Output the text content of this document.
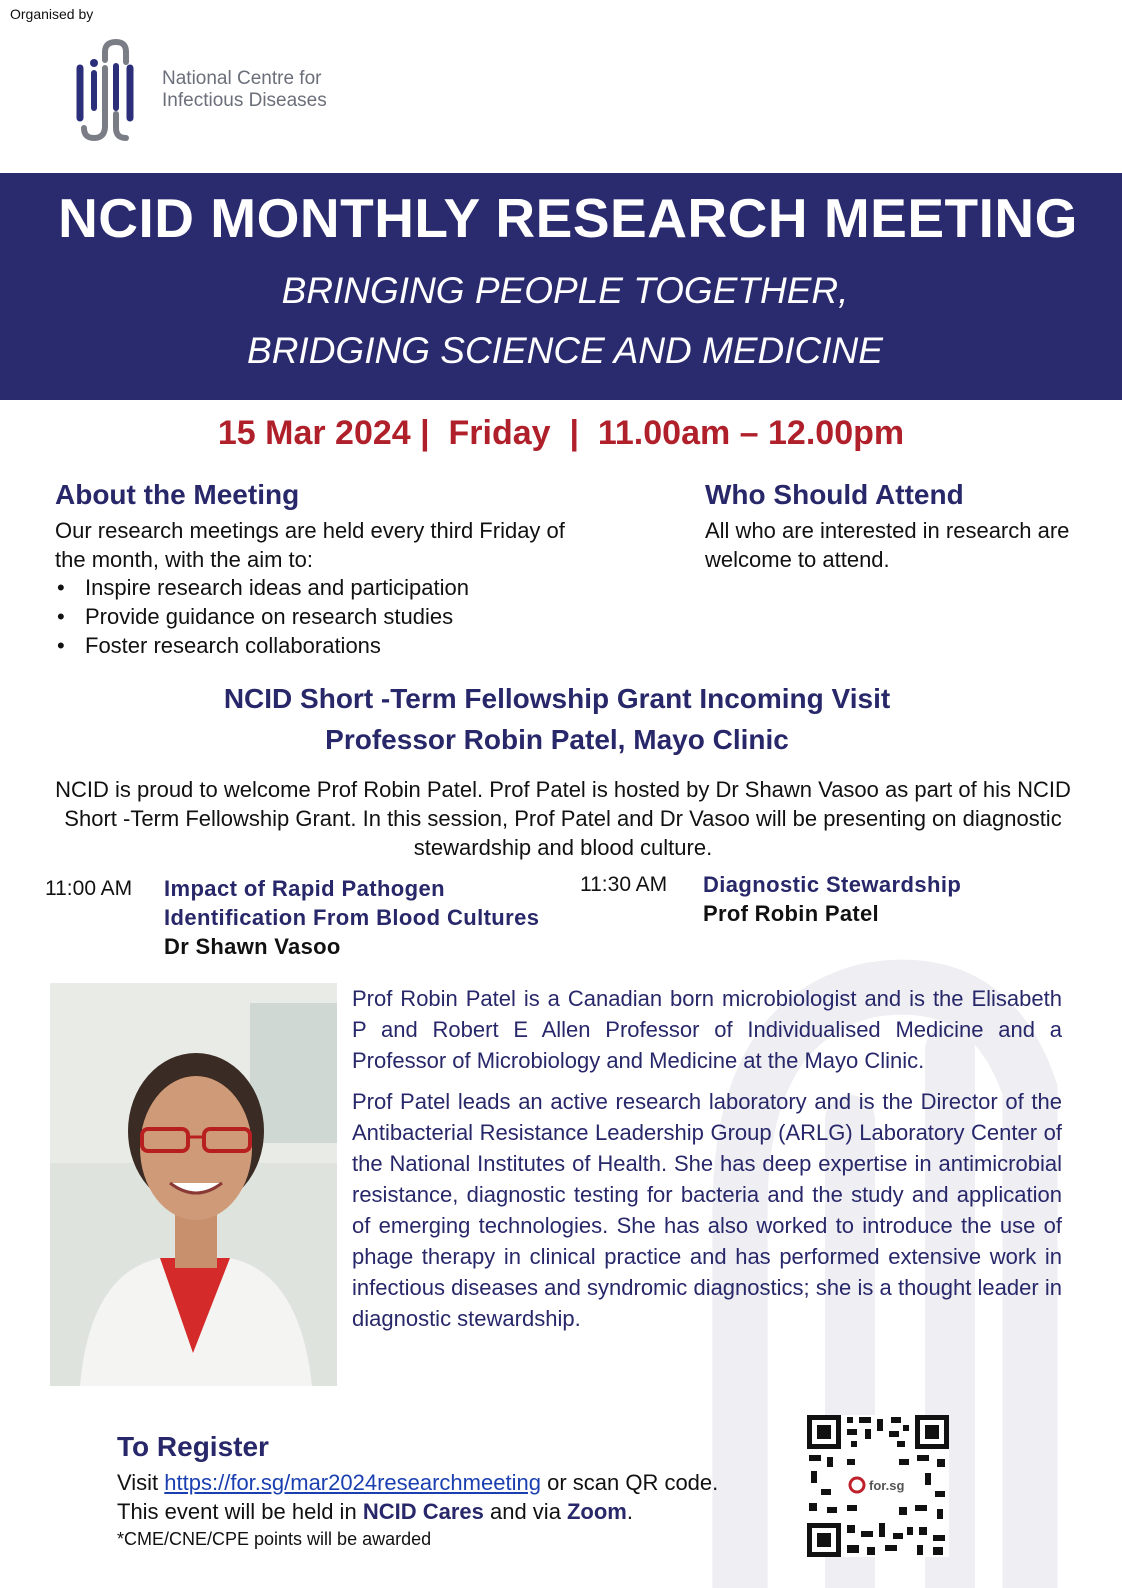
Organised by
National Centre for
Infectious Diseases
NCID MONTHLY RESEARCH MEETING
BRINGING PEOPLE TOGETHER,
BRIDGING SCIENCE AND MEDICINE
15 Mar 2024 |  Friday  |  11.00am – 12.00pm
About the Meeting
Our research meetings are held every third Friday of the month, with the aim to:
• Inspire research ideas and participation
• Provide guidance on research studies
• Foster research collaborations
Who Should Attend
All who are interested in research are welcome to attend.
NCID Short -Term Fellowship Grant Incoming Visit
Professor Robin Patel, Mayo Clinic
NCID is proud to welcome Prof Robin Patel. Prof Patel is hosted by Dr Shawn Vasoo as part of his NCID Short -Term Fellowship Grant. In this session, Prof Patel and Dr Vasoo will be presenting on diagnostic stewardship and blood culture.
11:00 AM Impact of Rapid Pathogen Identification From Blood Cultures
Dr Shawn Vasoo
11:30 AM Diagnostic Stewardship
Prof Robin Patel

Prof Robin Patel is a Canadian born microbiologist and is the Elisabeth P and Robert E Allen Professor of Individualised Medicine and a Professor of Microbiology and Medicine at the Mayo Clinic.

Prof Patel leads an active research laboratory and is the Director of the Antibacterial Resistance Leadership Group (ARLG) Laboratory Center of the National Institutes of Health. She has deep expertise in antimicrobial resistance, diagnostic testing for bacteria and the study and application of emerging technologies. She has also worked to introduce the use of phage therapy in clinical practice and has performed extensive work in infectious diseases and syndromic diagnostics; she is a thought leader in diagnostic stewardship.

To Register
Visit https://for.sg/mar2024researchmeeting or scan QR code.
This event will be held in NCID Cares and via Zoom.
*CME/CNE/CPE points will be awarded
for.sg
